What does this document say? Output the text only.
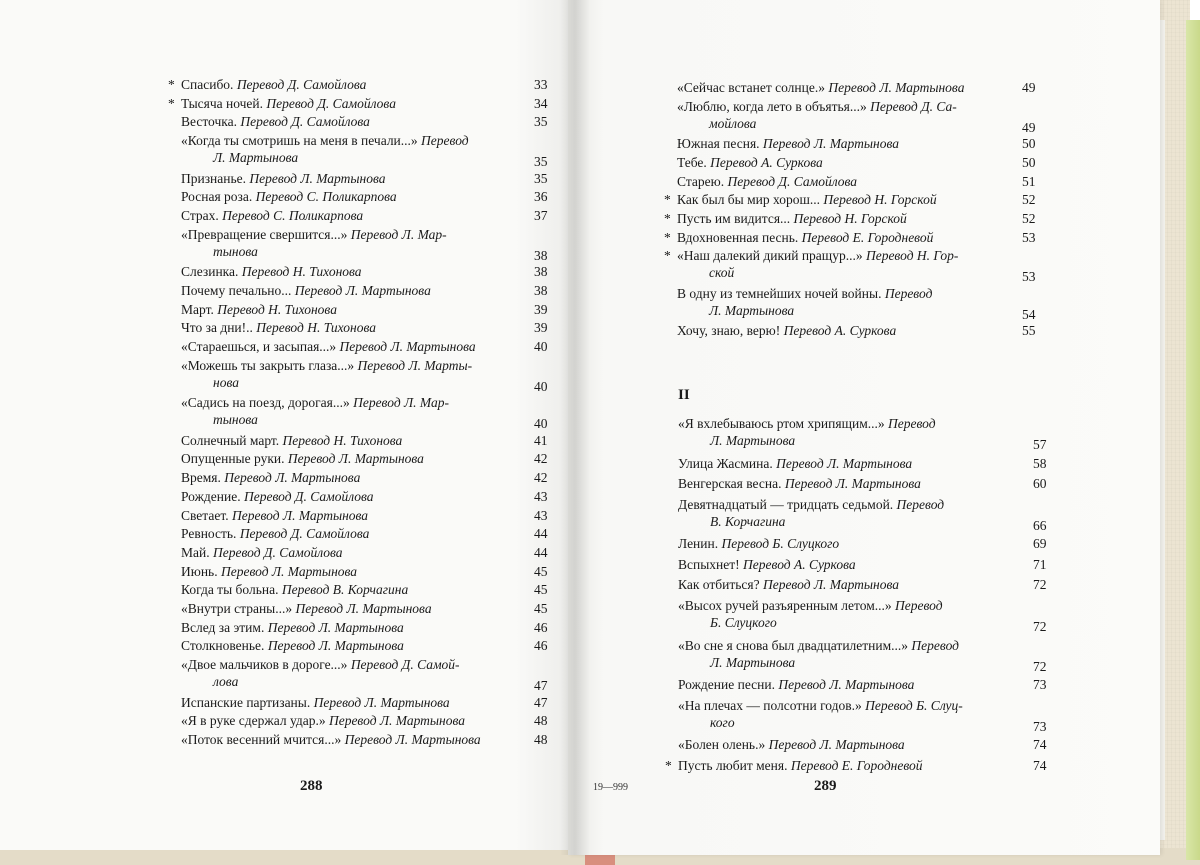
* Спасибо. Перевод Д. Самойлова	33
* Тысяча ночей. Перевод Д. Самойлова	34
Весточка. Перевод Д. Самойлова	35
«Когда ты смотришь на меня в печали...» Перевод
Л. Мартынова	35
Признанье. Перевод Л. Мартынова	35
Росная роза. Перевод С. Поликарпова	36
Страх. Перевод С. Поликарпова	37
«Превращение свершится...» Перевод Л. Мар-
тынова	38
Слезинка. Перевод Н. Тихонова	38
Почему печально... Перевод Л. Мартынова	38
Март. Перевод Н. Тихонова	39
Что за дни!.. Перевод Н. Тихонова	39
«Стараешься, и засыпая...» Перевод Л. Мартынова	40
«Можешь ты закрыть глаза...» Перевод Л. Марты-
нова	40
«Садись на поезд, дорогая...» Перевод Л. Мар-
тынова	40
Солнечный март. Перевод Н. Тихонова	41
Опущенные руки. Перевод Л. Мартынова	42
Время. Перевод Л. Мартынова	42
Рождение. Перевод Д. Самойлова	43
Светает. Перевод Л. Мартынова	43
Ревность. Перевод Д. Самойлова	44
Май. Перевод Д. Самойлова	44
Июнь. Перевод Л. Мартынова	45
Когда ты больна. Перевод В. Корчагина	45
«Внутри страны...» Перевод Л. Мартынова	45
Вслед за этим. Перевод Л. Мартынова	46
Столкновенье. Перевод Л. Мартынова	46
«Двое мальчиков в дороге...» Перевод Д. Самой-
лова	47
Испанские партизаны. Перевод Л. Мартынова	47
«Я в руке сдержал удар.» Перевод Л. Мартынова	48
«Поток весенний мчится...» Перевод Л. Мартынова	48
288
«Сейчас встанет солнце.» Перевод Л. Мартынова	49
«Люблю, когда лето в объятья...» Перевод Д. Са-
мойлова	49
Южная песня. Перевод Л. Мартынова	50
Тебе. Перевод А. Суркова	50
Старею. Перевод Д. Самойлова	51
* Как был бы мир хорош... Перевод Н. Горской	52
* Пусть им видится... Перевод Н. Горской	52
* Вдохновенная песнь. Перевод Е. Городневой	53
* «Наш далекий дикий пращур...» Перевод Н. Гор-
ской	53
В одну из темнейших ночей войны. Перевод
Л. Мартынова	54
Хочу, знаю, верю! Перевод А. Суркова	55
II
«Я вхлебываюсь ртом хрипящим...» Перевод
Л. Мартынова	57
Улица Жасмина. Перевод Л. Мартынова	58
Венгерская весна. Перевод Л. Мартынова	60
Девятнадцатый — тридцать седьмой. Перевод
В. Корчагина	66
Ленин. Перевод Б. Слуцкого	69
Вспыхнет! Перевод А. Суркова	71
Как отбиться? Перевод Л. Мартынова	72
«Высох ручей разъяренным летом...» Перевод
Б. Слуцкого	72
«Во сне я снова был двадцатилетним...» Перевод
Л. Мартынова	72
Рождение песни. Перевод Л. Мартынова	73
«На плечах — полсотни годов.» Перевод Б. Слуц-
кого	73
«Болен олень.» Перевод Л. Мартынова	74
* Пусть любит меня. Перевод Е. Городневой	74
19—999	289
